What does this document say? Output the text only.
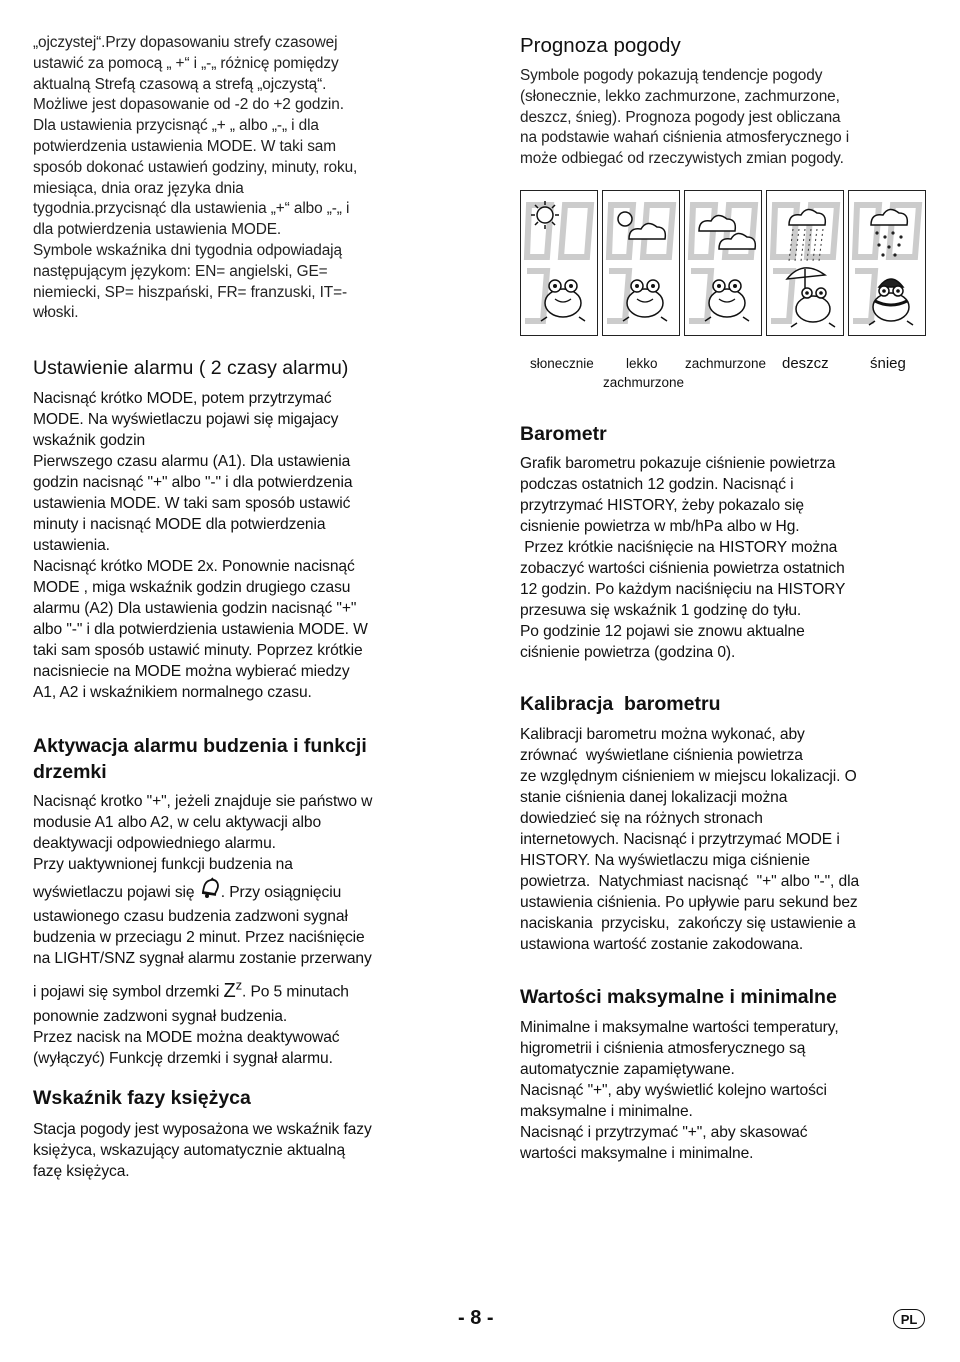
„ojczystej“.Przy dopasowaniu strefy czasowej
ustawić za pomocą „ +“ i „-„ różnicę pomiędzy
aktualną Strefą czasową a strefą „ojczystą“.
Możliwe jest dopasowanie od -2 do +2 godzin.
Dla ustawienia przycisnąć „+ „ albo „-„ i dla
potwierdzenia ustawienia MODE. W taki sam
sposób dokonać ustawień godziny, minuty, roku,
miesiąca, dnia oraz języka dnia
tygodnia.przycisnąć dla ustawienia „+“ albo „-„ i
dla potwierdzenia ustawienia MODE.
Symbole wskaźnika dni tygodnia odpowiadają
następującym językom: EN= angielski, GE=
niemiecki, SP= hiszpański, FR= franzuski, IT=-
włoski.
Ustawienie alarmu ( 2 czasy alarmu)
Nacisnąć krótko MODE, potem przytrzymać
MODE. Na wyświetlaczu pojawi się migajacy
wskaźnik godzin
Pierwszego czasu alarmu (A1). Dla ustawienia
godzin nacisnąć "+" albo "-" i dla potwierdzenia
ustawienia MODE. W taki sam sposób ustawić
minuty i nacisnąć MODE dla potwierdzenia
ustawienia.
Nacisnąć krótko MODE 2x. Ponownie nacisnąć
MODE , miga wskaźnik godzin drugiego czasu
alarmu (A2) Dla ustawienia godzin nacisnąć "+"
albo "-" i dla potwierdzienia ustawienia MODE. W
taki sam sposób ustawić minuty. Poprzez krótkie
nacisniecie na MODE można wybierać miedzy
A1, A2 i wskaźnikiem normalnego czasu.
Aktywacja alarmu budzenia i funkcji
drzemki
Nacisnąć krotko "+", jeżeli znajduje sie państwo w
modusie A1 albo A2, w celu aktywacji albo
deaktywacji odpowiedniego alarmu.
Przy uaktywnionej funkcji budzenia na
wyświetlaczu pojawi się . Przy osiągnięciu
ustawionego czasu budzenia zadzwoni sygnał
budzenia w przeciagu 2 minut. Przez naciśnięcie
na LIGHT/SNZ sygnał alarmu zostanie przerwany
i pojawi się symbol drzemki $Z^z$. Po 5 minutach
ponownie zadzwoni sygnał budzenia.
Przez nacisk na MODE można deaktywować
(wyłączyć) Funkcję drzemki i sygnał alarmu.
Wskaźnik fazy księżyca
Stacja pogody jest wyposażona we wskaźnik fazy
księżyca, wskazujący automatycznie aktualną
fazę księżyca.
Prognoza pogody
Symbole pogody pokazują tendencje pogody
(słonecznie, lekko zachmurzone, zachmurzone,
deszcz, śnieg). Prognoza pogody jest obliczana
na podstawie wahań ciśnienia atmosferycznego i
może odbiegać od rzeczywistych zmian pogody.
słonecznie lekko
zachmurzone
zachmurzone deszcz	śnieg
Barometr
Grafik barometru pokazuje ciśnienie powietrza
podczas ostatnich 12 godzin. Nacisnąć i
przytrzymać HISTORY, żeby pokazalo się
cisnienie powietrza w mb/hPa albo w Hg.
Przez krótkie naciśnięcie na HISTORY można
zobaczyć wartości ciśnienia powietrza ostatnich
12 godzin. Po każdym naciśnięciu na HISTORY
przesuwa się wskaźnik 1 godzinę do tyłu.
Po godzinie 12 pojawi sie znowu aktualne
ciśnienie powietrza (godzina 0).
Kalibracja  barometru
Kalibracji barometru można wykonać, aby
zrównać  wyświetlane ciśnienia powietrza
ze względnym ciśnieniem w miejscu lokalizacji. O
stanie ciśnienia danej lokalizacji można
dowiedzieć się na różnych stronach
internetowych. Nacisnąć i przytrzymać MODE i
HISTORY. Na wyświetlaczu miga ciśnienie
powietrza.  Natychmiast nacisnąć  "+" albo "-", dla
ustawienia ciśnienia. Po upływie paru sekund bez
naciskania  przycisku,  zakończy się ustawienie a
ustawiona wartość zostanie zakodowana.
Wartości maksymalne i minimalne
Minimalne i maksymalne wartości temperatury,
higrometrii i ciśnienia atmosferycznego są
automatycznie zapamiętywane.
Nacisnąć "+", aby wyświetlić kolejno wartości
maksymalne i minimalne.
Nacisnąć i przytrzymać "+", aby skasować
wartości maksymalne i minimalne.
- 8 -	PL
